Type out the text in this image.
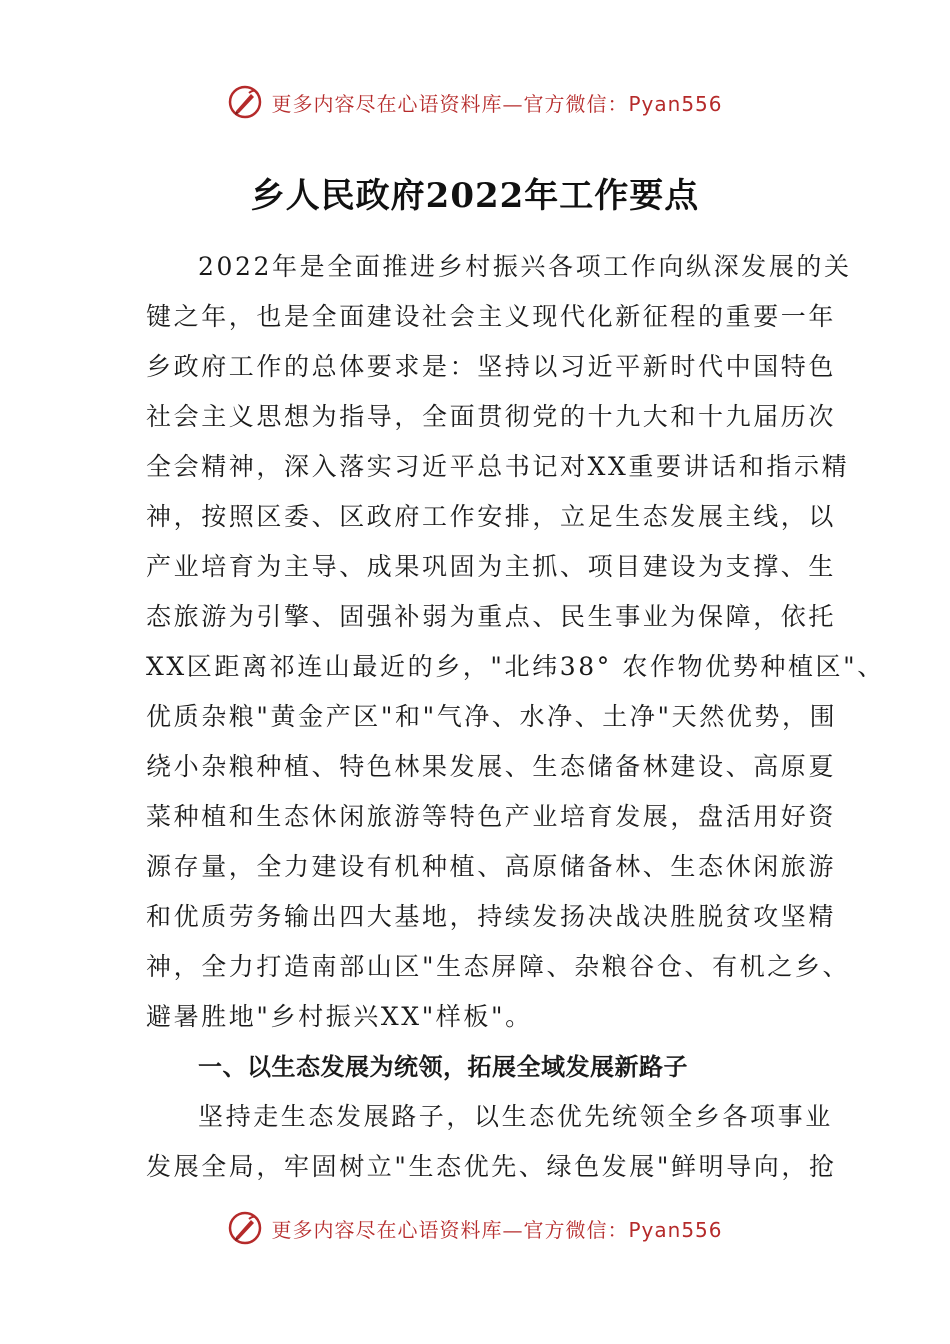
更多内容尽在心语资料库—官方微信：Pyan556
乡人民政府2022年工作要点
2022年是全面推进乡村振兴各项工作向纵深发展的关
键之年，也是全面建设社会主义现代化新征程的重要一年
乡政府工作的总体要求是：坚持以习近平新时代中国特色
社会主义思想为指导，全面贯彻党的十九大和十九届历次
全会精神，深入落实习近平总书记对XX重要讲话和指示精
神，按照区委、区政府工作安排，立足生态发展主线，以
产业培育为主导、成果巩固为主抓、项目建设为支撑、生
态旅游为引擎、固强补弱为重点、民生事业为保障，依托
XX区距离祁连山最近的乡，"北纬38° 农作物优势种植区"、
优质杂粮"黄金产区"和"气净、水净、土净"天然优势，围
绕小杂粮种植、特色林果发展、生态储备林建设、高原夏
菜种植和生态休闲旅游等特色产业培育发展，盘活用好资
源存量，全力建设有机种植、高原储备林、生态休闲旅游
和优质劳务输出四大基地，持续发扬决战决胜脱贫攻坚精
神，全力打造南部山区"生态屏障、杂粮谷仓、有机之乡、
避暑胜地"乡村振兴XX"样板"。
一、以生态发展为统领，拓展全域发展新路子
坚持走生态发展路子，以生态优先统领全乡各项事业
发展全局，牢固树立"生态优先、绿色发展"鲜明导向，抢
更多内容尽在心语资料库—官方微信：Pyan556
